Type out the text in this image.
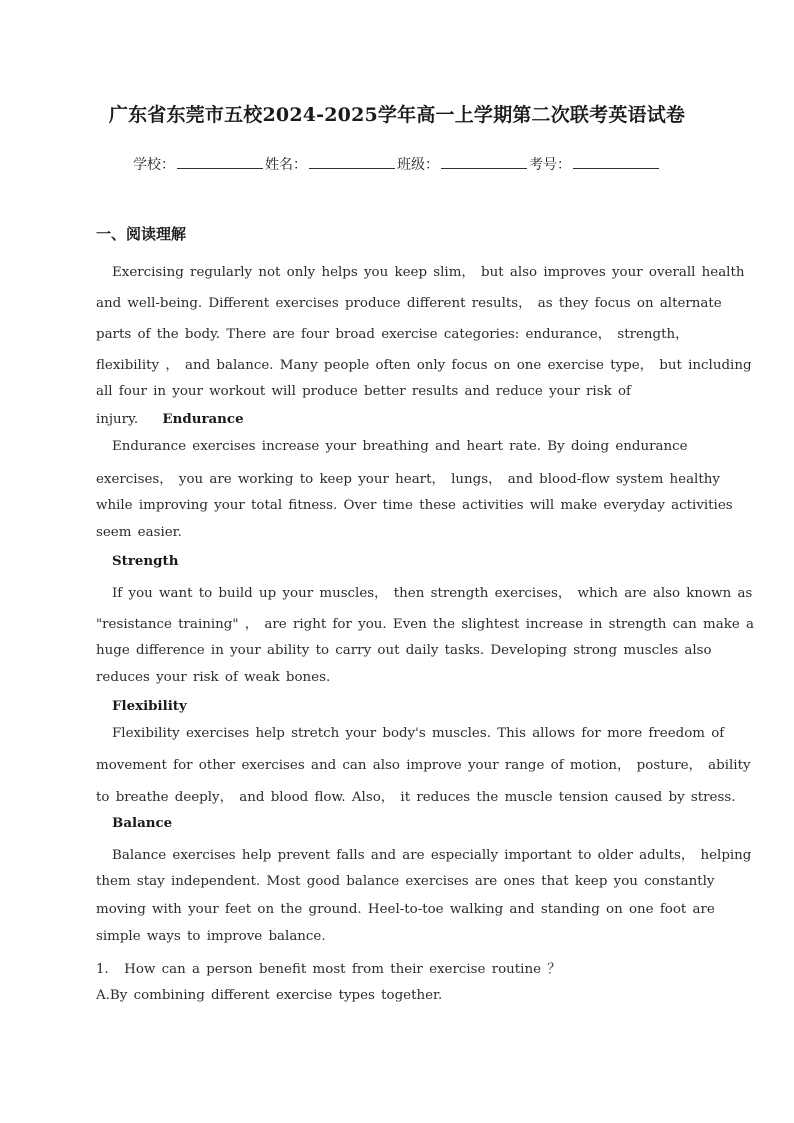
广东省东莞市五校2024-2025学年高一上学期第二次联考英语试卷
学校：	姓名：	班级：	考号：
一、阅读理解
Exercising regularly not only helps you keep slim， but also improves your overall health
and well-being. Different exercises produce different results， as they focus on alternate
parts of the body. There are four broad exercise categories: endurance， strength，
flexibility ， and balance. Many people often only focus on one exercise type， but including
all four in your workout will produce better results and reduce your risk of
injury. Endurance
Endurance exercises increase your breathing and heart rate. By doing endurance
exercises， you are working to keep your heart， lungs， and blood-flow system healthy
while improving your total fitness. Over time these activities will make everyday activities
seem easier.
Strength
If you want to build up your muscles， then strength exercises， which are also known as
"resistance training" ， are right for you. Even the slightest increase in strength can make a
huge difference in your ability to carry out daily tasks. Developing strong muscles also
reduces your risk of weak bones.
Flexibility
Flexibility exercises help stretch your body's muscles. This allows for more freedom of
movement for other exercises and can also improve your range of motion， posture， ability
to breathe deeply， and blood flow. Also， it reduces the muscle tension caused by stress.
Balance
Balance exercises help prevent falls and are especially important to older adults， helping
them stay independent. Most good balance exercises are ones that keep you constantly
moving with your feet on the ground. Heel-to-toe walking and standing on one foot are
simple ways to improve balance.
1． How can a person benefit most from their exercise routine ？
A.By combining different exercise types together.
